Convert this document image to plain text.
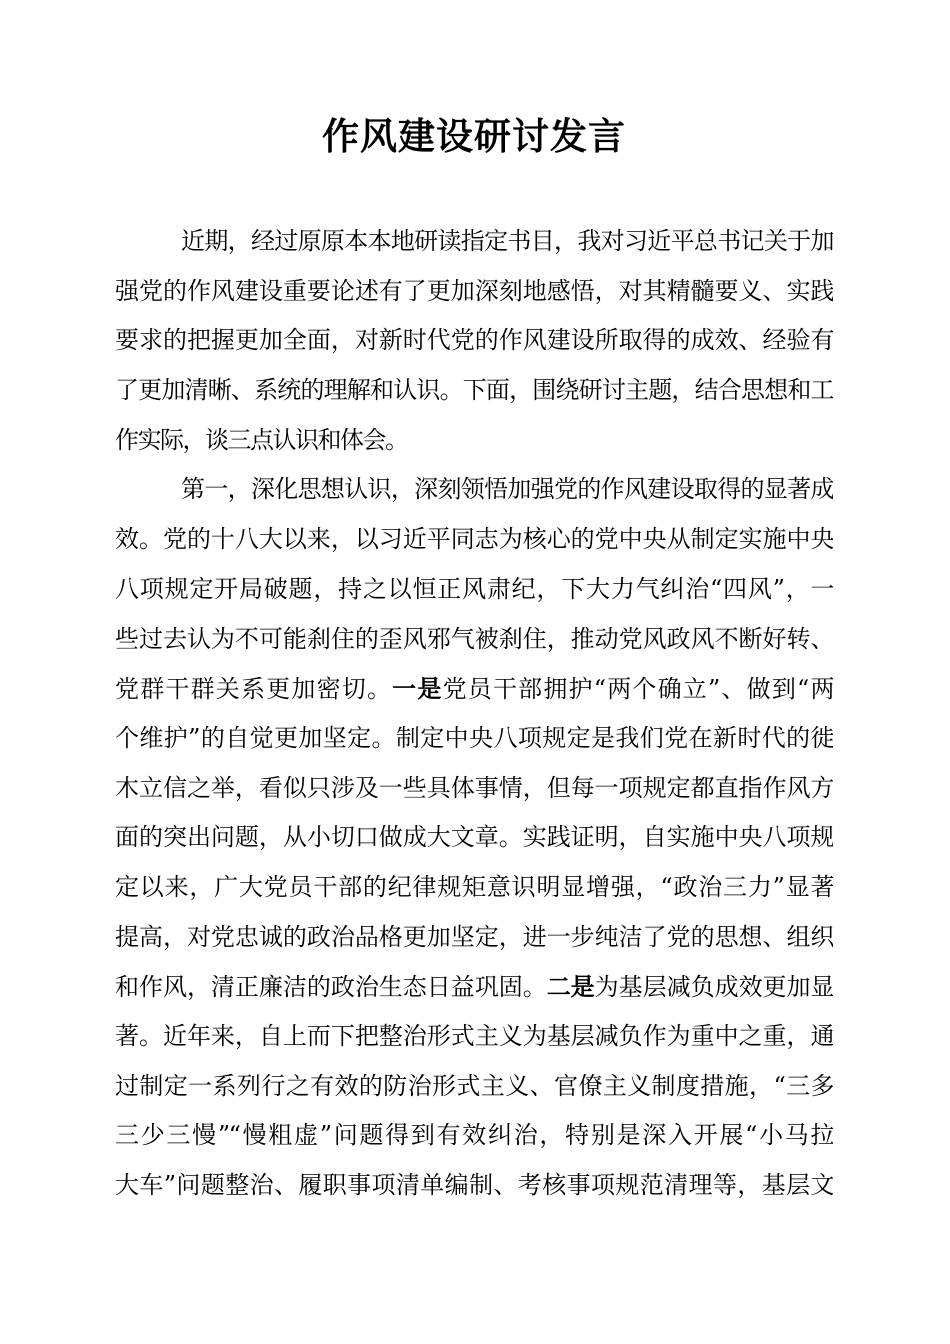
作风建设研讨发言
近期，经过原原本本地研读指定书目，我对习近平总书记关于加
强党的作风建设重要论述有了更加深刻地感悟，对其精髓要义、实践
要求的把握更加全面，对新时代党的作风建设所取得的成效、经验有
了更加清晰、系统的理解和认识。下面，围绕研讨主题，结合思想和工
作实际，谈三点认识和体会。
第一，深化思想认识，深刻领悟加强党的作风建设取得的显著成
效。党的十八大以来，以习近平同志为核心的党中央从制定实施中央
八项规定开局破题，持之以恒正风肃纪，下大力气纠治“四风”，一
些过去认为不可能刹住的歪风邪气被刹住，推动党风政风不断好转、
党群干群关系更加密切。一是党员干部拥护“两个确立”、做到“两
个维护”的自觉更加坚定。制定中央八项规定是我们党在新时代的徙
木立信之举，看似只涉及一些具体事情，但每一项规定都直指作风方
面的突出问题，从小切口做成大文章。实践证明，自实施中央八项规
定以来，广大党员干部的纪律规矩意识明显增强，“政治三力”显著
提高，对党忠诚的政治品格更加坚定，进一步纯洁了党的思想、组织
和作风，清正廉洁的政治生态日益巩固。二是为基层减负成效更加显
著。近年来，自上而下把整治形式主义为基层减负作为重中之重，通
过制定一系列行之有效的防治形式主义、官僚主义制度措施，“三多
三少三慢”“慢粗虚”问题得到有效纠治，特别是深入开展“小马拉
大车”问题整治、履职事项清单编制、考核事项规范清理等，基层文
